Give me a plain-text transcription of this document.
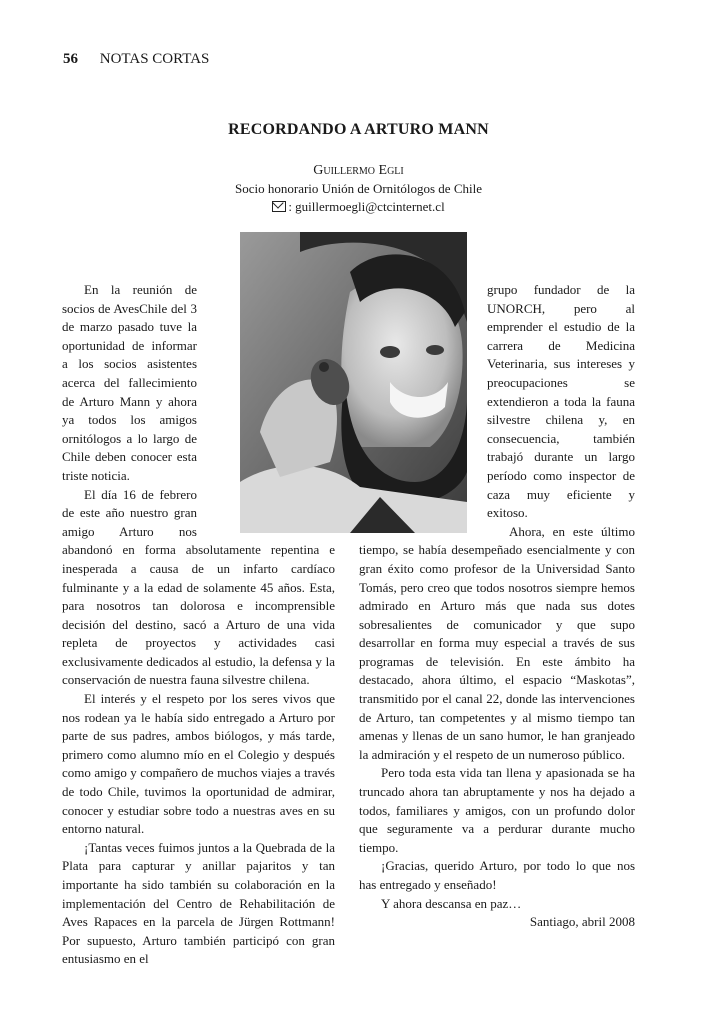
56 NOTAS CORTAS
RECORDANDO A ARTURO MANN
Guillermo Egli
Socio honorario Unión de Ornitólogos de Chile
: guillermoegli@ctcinternet.cl

En la reunión de socios de AvesChile del 3 de marzo pasado tuve la oportunidad de informar a los socios asistentes acerca del fallecimiento de Arturo Mann y ahora ya todos los amigos ornitólogos a lo largo de Chile deben conocer esta triste noticia.

El día 16 de febrero de este año nuestro gran amigo Arturo nos abandonó en forma absolutamente repentina e inesperada a causa de un infarto cardíaco fulminante y a la edad de solamente 45 años. Esta, para nosotros tan dolorosa e incomprensible decisión del destino, sacó a Arturo de una vida repleta de proyectos y actividades casi exclusivamente dedicados al estudio, la defensa y la conservación de nuestra fauna silvestre chilena.

El interés y el respeto por los seres vivos que nos rodean ya le había sido entregado a Arturo por parte de sus padres, ambos biólogos, y más tarde, primero como alumno mío en el Colegio y después como amigo y compañero de muchos viajes a través de todo Chile, tuvimos la oportunidad de admirar, conocer y estudiar sobre todo a nuestras aves en su entorno natural.

¡Tantas veces fuimos juntos a la Quebrada de la Plata para capturar y anillar pajaritos y tan importante ha sido también su colaboración en la implementación del Centro de Rehabilitación de Aves Rapaces en la parcela de Jürgen Rottmann! Por supuesto, Arturo también participó con gran entusiasmo en el

grupo fundador de la UNORCH, pero al emprender el estudio de la carrera de Medicina Veterinaria, sus intereses y preocupaciones se extendieron a toda la fauna silvestre chilena y, en consecuencia, también trabajó durante un largo período como inspector de caza muy eficiente y exitoso.

Ahora, en este último tiempo, se había desempeñado esencialmente y con gran éxito como profesor de la Universidad Santo Tomás, pero creo que todos nosotros siempre hemos admirado en Arturo más que nada sus dotes sobresalientes de comunicador y que supo desarrollar en forma muy especial a través de sus programas de televisión. En este ámbito ha destacado, ahora último, el espacio “Maskotas”, transmitido por el canal 22, donde las intervenciones de Arturo, tan competentes y al mismo tiempo tan amenas y llenas de un sano humor, le han granjeado la admiración y el respeto de un numeroso público.

Pero toda esta vida tan llena y apasionada se ha truncado ahora tan abruptamente y nos ha dejado a todos, familiares y amigos, con un profundo dolor que seguramente va a perdurar durante mucho tiempo.

¡Gracias, querido Arturo, por todo lo que nos has entregado y enseñado!

Y ahora descansa en paz…

Santiago, abril 2008
